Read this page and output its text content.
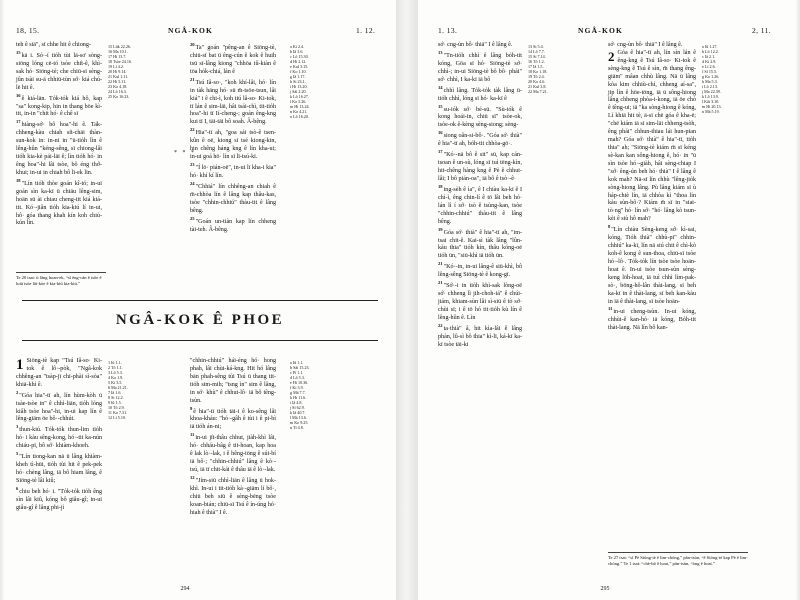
18, 15.	NGÂ-KOK	1. 12.

teh ê siā", sī chhe hit ê chiong-

$^{15}$kā i. Só·-í tiỏh tùi lā-sơ sòng-siōng lóng cē-tó tsòe chi̍t-ê, khì-sak hó· Siōng-tè; che chiū-sī sèng-jûn tsài su-ā chhiū-tùn sớ· kiá chú-lē hit ê.

$^{16}$ê kiá-lān. Tỏk-tỏk kiá hô, kap "sa" kong-kip, hin in thang bōe kì-tit, in-in "chit hó· ê chê sī

$^{17}$hiàng-sớ· bô hoa"-hi ê. Ta̍k-chheng-kàu chiah si̍t-chāi thàn-sun-kok in: in-ni in "ū-tiỏh lìn ê lêng-hûn "kéng-sêng, sī chiong-lâi tiỏh kia-kè pái-lāi ê; lìn tiỏh hó· in êng hoa"-hi lâi tsòe, bô éng thớ-khui; in-ui in chiah bô lī-ek lin.

$^{18}$"Lín tiỏh thòe goán kî-tó; in-ui goán sìn ka-kī ū chiāu lêng-sim, hoān sū ài chiau cheng-tit kiá kiá-tit. Kó·-jiân tiỏh kia-kiú lí in-ui, hô· góa thang khah kín koh chiú-kún lín.

15 Lūk 22.26.
16 Ma 10.1.
17 Hi 13.7.
18 Tsòe 24.16.
19 Lí 4.2.
20 Hi 9.14.
21 Kul 1.11.
22 Hi 5.11.
23 Ko 4.18.
24 Lô 16.3.
25 Ko 16.23.

$^{20}$Ta" goán "pêng-an ê Siōng-tè, chiū-sī bat ū êng-cún ê kok ê huih tsū sī-lâng kiong "chhōa iû-kiàn ê tōa hỏk-chiá, lán ê

$^{21}$Tsú Iâ-so·, "koh khí-lâi, hó· lín in tàk hāng hó· sū m̄-tsōe-tsun, lâi kiá" i ê chi-ì, koh tiú lâ-so· Ki-tok, tī lán ê sim-lāi, hâi tsái-chì, tit-tiỏh hoa"-hi tī Ií-cheng-; goán êng-kng kui tī I, tāi-tāi bô soah. Â-bêng.

$^{22}$Hia"-tī ah, "goa sái tsò-ê tsen-kûn ê oē, kiong si tsé kiong-kin, hin chêng háng kng ê lín kha-ui; in-ui goá hō· lín sī lī-tsú-kī.

$^{23}$"Í lō· pián-oē", in-ui lī kha-i kia" hó· khí kí lín.

$^{24}$"Chhiá" lín chhêng-an chiah ê m̄-chhòa lín ê lâng kap thâu-kas, tsòe "chhin-chhiú" thàu-tit ê lâng bêng.

$^{25}$"Goán un-tiàn kap lín chheng tài-teh. Â-bêng.

a Ki 2.4.
b Iâ 3.6.
c Lô 15.30.
d Hi 2.12.
e Kul 3.15.
f Ko 1.10.
g Iâ 1.17.
h Si 23.1.
i Hi 13.20.
j Sāi 2.20.
k Lô 16.27.
l Ko 5.26.
m Hi 13.24.
n Ko 4.21.
o Lô 16.20.
* * *
Te 20 tsat: ū lâng hoan-ek, “sī ēng-cán ê tsōe ê luiā tsòe lāi-kòe ê kia-kiú kia-kiú.”
NGÂ-KOK Ê PHOE

1 Siōng-tè kap "Tsú Iâ-so· Ki-tok ê lô·-pòk, "Ngâ-kok chhêng-an "tsàp-jī chi-phài sì-sòa" khiā-khí ê.

$^2$"Góa hia"-tī ah, lín hùm-kòh ū tsàe-tsòe in" ê chhì-liān, tiỏh lóng kiâh tsòe hoa"-hi, in-ui kap lín ê lêng-giām ōe bô·-chhút.

$^3$thun-kiú. Tỏk-tỏk thun-lim tiỏh hó· i kàu sêng-kong, hó·-tit ka-nún chiáu-pī, bô sớ· khiàm-khoeh.

$^5$"Lín tiong-kan nā ū lâng khiàm-kheh tì-hūi, tiỏh tùi hit ê pek-pek hó· chèng lâng, iā bô hiam lâng, ê Siōng-tè lâi kiû;

$^6$chiu beh hó· i. "Tỏk-tỏk tiỏh êng sìn lâi kiû, kóng bô giâu-gî; in-ui giâu-gî ê lâng phi-jì

1 Iù 1.1.
2 Tô 1.1.
3 Lō 5.3.
4 Ko 1.9.
5 Ki 3.5.
6 Ma 21.21.
7 Iâ 1.6.
8 Si 12.2.
9 Iû 1.5.
10 Tô 2.9.
11 Ko 7.31.
12 Lí 5.10.

"chhin-chhiú" hái-éng hó· hong phah, lâi chùi-ká-kng. Hit hó lâng bān phah-sêng tùi Tsú ū thang tit-tiỏh sim-mih; "tsng ìn" sim ê lâng, in sớ· khù" ê chhut-lô· iā bô têng-tsùn.

$^9$ê hia"-tī tiỏh tāi-i ê ko-sêng lâi khoa-kháu: "hó·-gâh ê tùi i ê pi-bì iā tiỏh án-ni;

$^{11}$in-ui ji̍t-thâu chhut, jiàh-khì lâi, hó· chháu-bâg ê tit-hoan, kap hoa ê lak lò·-lak, i ê hêng-iōng ê súi-bí iā bô·; "chhin-chhiú" lâng ê kò·-tsú, iā tī chit-kái ê thâu iā ê lò·-lak.

$^{12}$"Jím-siū chhì-liān ê lâng ū hok-khì. In-ui i tit-tiỏh kà·-giām lí bô·, chiū beh siū ê sèng-bēng tsòe koan-bián; chiū-sī Tsú ê ín-úng hó· hiah ê thià" I ê.

a Iû 1.1.
b Sāi 15.23.
c Pí 1.1.
d Lô 5.3.
e Hi 10.36.
f Ki 3.9.
g Má 7.7.
h Hi 11.6.
i Iâ 4.8.
j Sí 62.9.
k Iâ 40.7.
l Má 13.6.
m Ko 9.25.
n Tí 4.8.
294
1. 13.	NGÂ-KOK	2, 11.

sớ· cng-ùn bô· thiā" I ê lâng ê.

$^{13}$"Tn-tiỏh chhì ê lâng bóh-tit kóng, Gōa sī hó· Siōng-tè sớ· chhì-; in-ui Siōng-tè bô bô· phái" sớ· chhì, I ka-kī iā bô

$^{14}$chhì lâng. Tỏk-tỏk tàk lâng ū-tiỏh chhì, lóng sī hó· ka-kī ê

$^{15}$su-iók sớ· bé-sū. "Sù-iók ê kong hoái-in, chiū sī" tsòe-ok, tsòe-ok ê-kèng sèng-siong; sèng-

$^{16}$siong oân-si-bô·. "Góa sớ· thià" ê hia"-tī ah, bóh-tit chhòa-gō·.

$^{17}$"Kó·-nā bô ê sit" sū, kap cán-tsoan ê un-sù, lóng sī tuì tēng-kìn, hit-chêng hàng kng ê Pè ê chhut-lâi; I bô pián-oa", iā bô ê tsò·-ê·

$^{18}$tng-sèh ê ìa", ê I chiàu ka-kī ê I chí-ì, êng chin-lí ê tō lâi beh hó· lán lì í sớ· tsò ê tsùng-kan, tsòe "chhin-chhiú" thàu-tit ê lâng bêng.

$^{19}$Góa sớ· thià" ê hia"-tī ah, "im-tsai chit-ê. Kai-sì tàk lâng "lûn-kàu thia" tiỏh kín, thâu kóng-oē tiỏh ūn, "siū-khì iā tiỏh ūn.

$^{21}$"Kó·-in, in-ui lâng-ê siū-khì, bô lêng-sêng Siōng-tè ê kong-gī.

$^{21}$"Sớ·-i in tiỏh khì-sak lòng-oē sớ· chheng lì jih-choh-iá" ê chúi-jiám, khiam-sùn lâi sì-siū ê tò sớ· chùi sī; i ê tō hó tit·tiỏh kù lín ê lêng-hûn ê. Lìn

$^{22}$ta·thià" â, hit kìa-lâi ê lâng phàn, lû-sì bô thia" kì-lī, ká-kī ka-kī tsòe tāi-ki

13 Si 5.4.
14 Lô 7.7.
15 Si 7.14.
16 Tô 1.2.
17 Iâ 1.5.
18 Ko 1.18.
19 Tô 2.4.
20 Ko 4.6.
21 Kul 3.8.
22 Ma 7.21.

sớ· cng-ùn bô· thiā" I ê lâng ê.

2 Góa ê hia"-tī ah, lín sìn lán ê êng-kng ê Tsú Iâ-so· Ki-tok ê sèng-kng ê Tsú ê sìn, m̄ thang êng-giām" mâan chhù lâng. Nā ū lâng kòa kim chhiù-chí, chheng aí-sa", jip lín ê hōe-tōng, iā ū sông-hiong lâng chheng phòa-i-kong, iā ōe chò ê têng-ui; iā "ka sòng-hiong ê kóng, Lí khiā hit tè, ā-sī chē góa ê kha-ē; "chē kiám iā sī sim-lāi chheng-tsòh, êng phái" chhun-thiau lái hun-pian mah? Góa sớ· thià" ê hia"-tī, tiỏh thia" ah; "Siōng-tè kiám m̄ sī kéng sè-kan kan sông-hiong ê, hó· in "ū sìn tsòe hó·-giàh, hâi sèng-chiap I "sớ· êng-ún beh hó· thià" I ê lâng ê kok mah? Nā-sī lín chhù "lêng-jiók sòng-hiong lâng. Pù lâng kiám sī ù háp-chiè lín, iā chhòa kì "thoa lín kàu sùn-bô·? Kiám m̄ sī in "siat-tò·ng" hó· lín sớ· "hó· lâng kò tsun-kèi ê siù hô mah?

$^8$"Lín chiàu Sèng-keng sớ· kì-sai, kóng, Tiỏh thià" chhù-pi" chhin-chhiú" ka-kī, lín nā siú chit ê chì-kò koh-ê kong ê sun-thoa, chiū-sī tsòe hó·-lô·. Tỏk-tỏk lín tsòe tsòe hoān-hoat ê. In-ui tsòe tsun-sùn sèng-keng lōh-hoat, iā tuì chhì lím-pak-sò·, bōng-hô-lân thàt-lang, sī beh ka-kī in ê thàt-lang, sī beh kan-kàu in iā ê thàt-lang, sī tsòe hoān-

$^{11}$in-ui cheng-tsùn. In-ui kóng, chhùi-ê kan-hó· iā kóng, Bóh-tit thàt-lang. Nā lín bô kan-

a Iû 1.27.
b Lô 12.2.
c Iâ 2.1.
d Ki 2.9.
e Lí 2.6.
f Sí 15.5.
g Ko 1.26.
h Ma 5.3.
i Lô 2.13.
j Ma 22.39.
k Lô 13.9.
l Kâi 3.10.
m Hi 20.13.
n Má 5.19.
Te 27 tsat: “sī Pè Siōng-tè ê lim-chòng,” pān-tsùn, “ê Siōng-tè kap Pè ê lim-chòng.” Te 1 tsat: “chè-bô ê hoat,” pān-tsùn, “òng ê hoat.”
295
